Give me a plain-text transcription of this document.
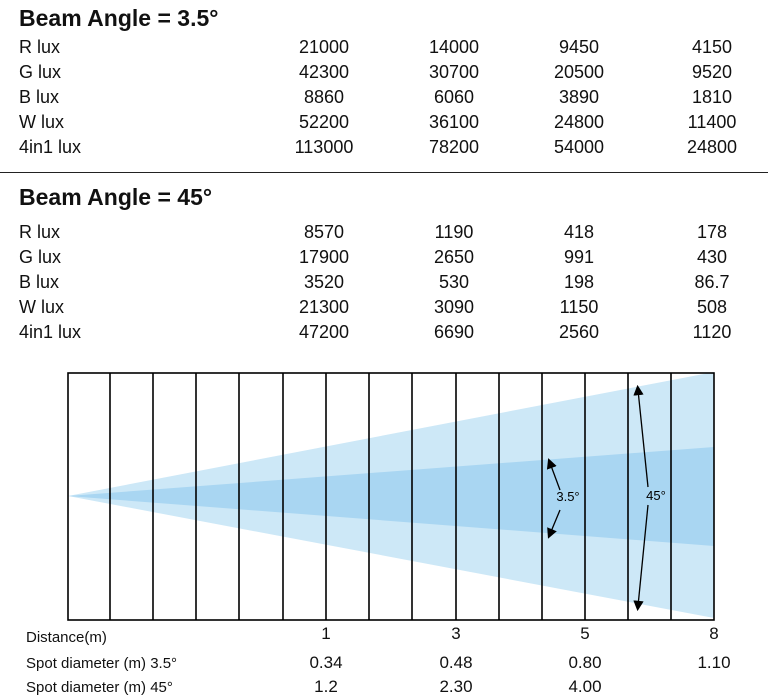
Beam Angle = 3.5°
R lux	21000	14000	9450	4150
G lux	42300	30700	20500	9520
B lux	8860	6060	3890	1810
W lux	52200	36100	24800	11400
4in1 lux	113000	78200	54000	24800
Beam Angle = 45°
R lux	8570	1190	418	178
G lux	17900	2650	991	430
B lux	3520	530	198	86.7
W lux	21300	3090	1150	508
4in1 lux	47200	6690	2560	1120
3.5°	45°
Distance(m)	1	3	5	8
Spot diameter (m) 3.5°	0.34	0.48	0.80	1.10
Spot diameter (m) 45°	1.2	2.30	4.00
